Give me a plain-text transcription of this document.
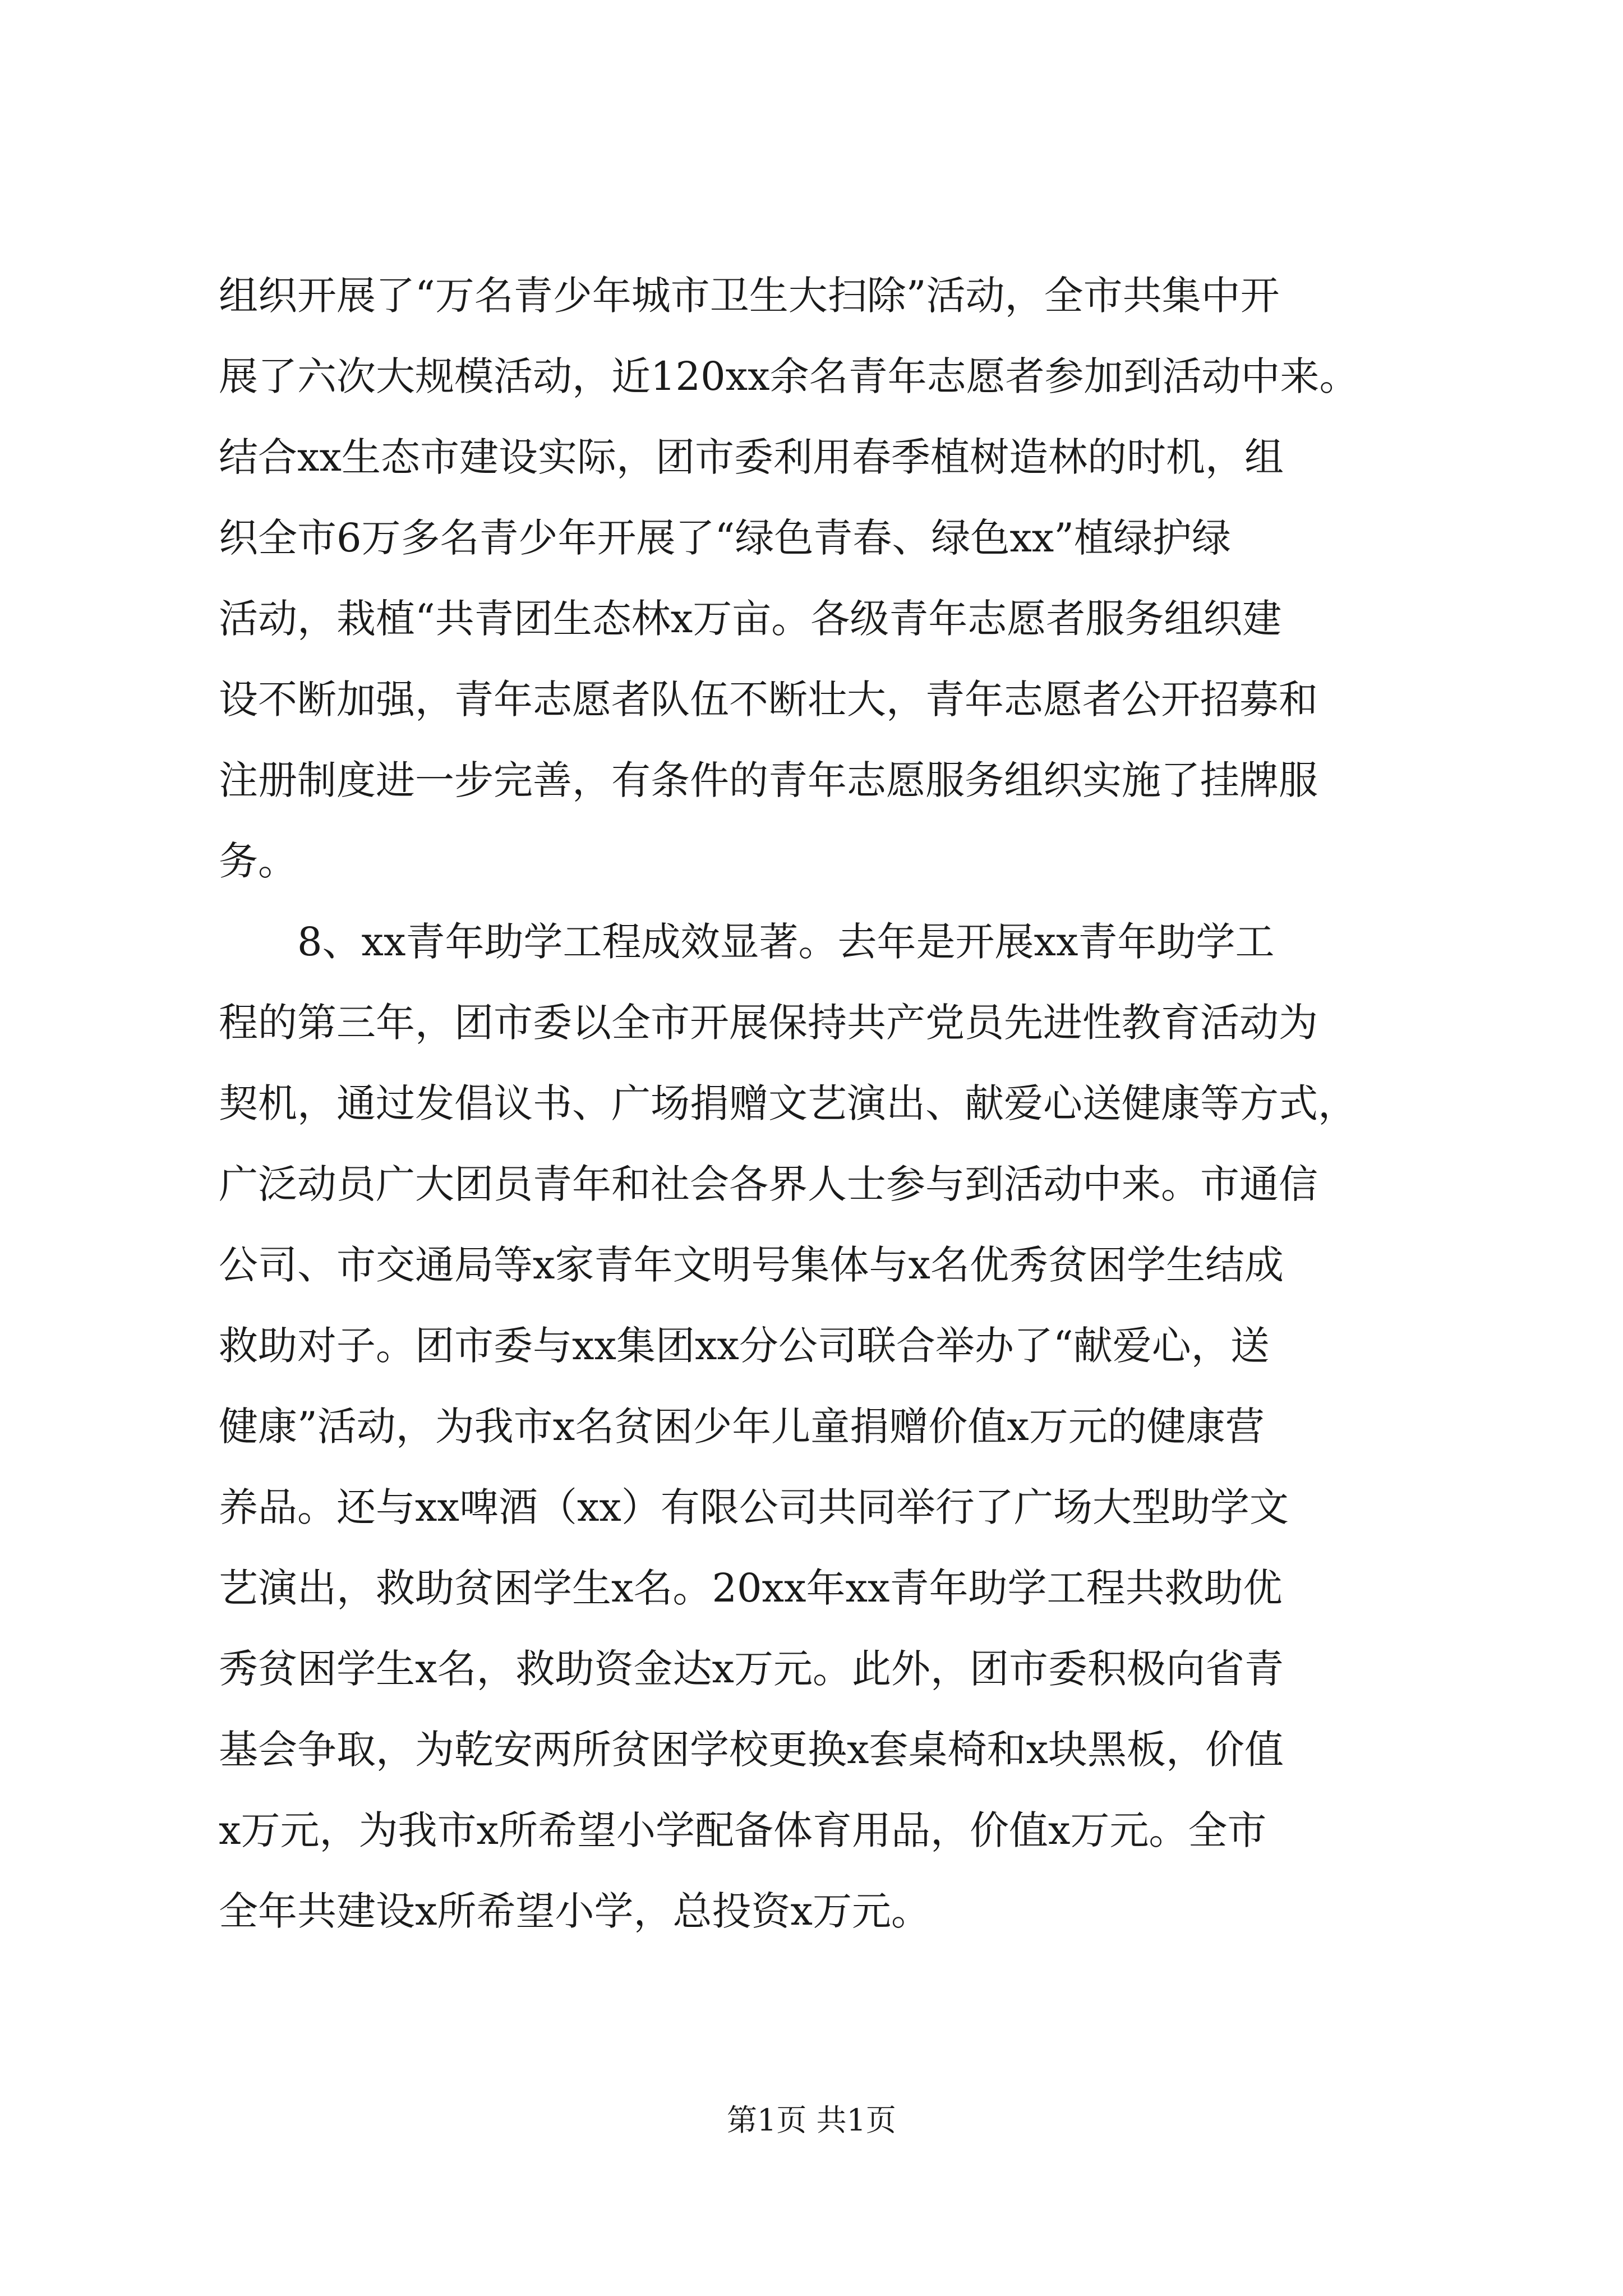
组织开展了“万名青少年城市卫生大扫除”活动，全市共集中开
展了六次大规模活动，近120xx余名青年志愿者参加到活动中来。
结合xx生态市建设实际，团市委利用春季植树造林的时机，组
织全市6万多名青少年开展了“绿色青春、绿色xx”植绿护绿
活动，栽植“共青团生态林x万亩。各级青年志愿者服务组织建
设不断加强，青年志愿者队伍不断壮大，青年志愿者公开招募和
注册制度进一步完善，有条件的青年志愿服务组织实施了挂牌服
务。
8、xx青年助学工程成效显著。去年是开展xx青年助学工
程的第三年，团市委以全市开展保持共产党员先进性教育活动为
契机，通过发倡议书、广场捐赠文艺演出、献爱心送健康等方式，
广泛动员广大团员青年和社会各界人士参与到活动中来。市通信
公司、市交通局等x家青年文明号集体与x名优秀贫困学生结成
救助对子。团市委与xx集团xx分公司联合举办了“献爱心，送
健康”活动，为我市x名贫困少年儿童捐赠价值x万元的健康营
养品。还与xx啤酒（xx）有限公司共同举行了广场大型助学文
艺演出，救助贫困学生x名。20xx年xx青年助学工程共救助优
秀贫困学生x名，救助资金达x万元。此外，团市委积极向省青
基会争取，为乾安两所贫困学校更换x套桌椅和x块黑板，价值
x万元，为我市x所希望小学配备体育用品，价值x万元。全市
全年共建设x所希望小学，总投资x万元。
第1页 共1页
